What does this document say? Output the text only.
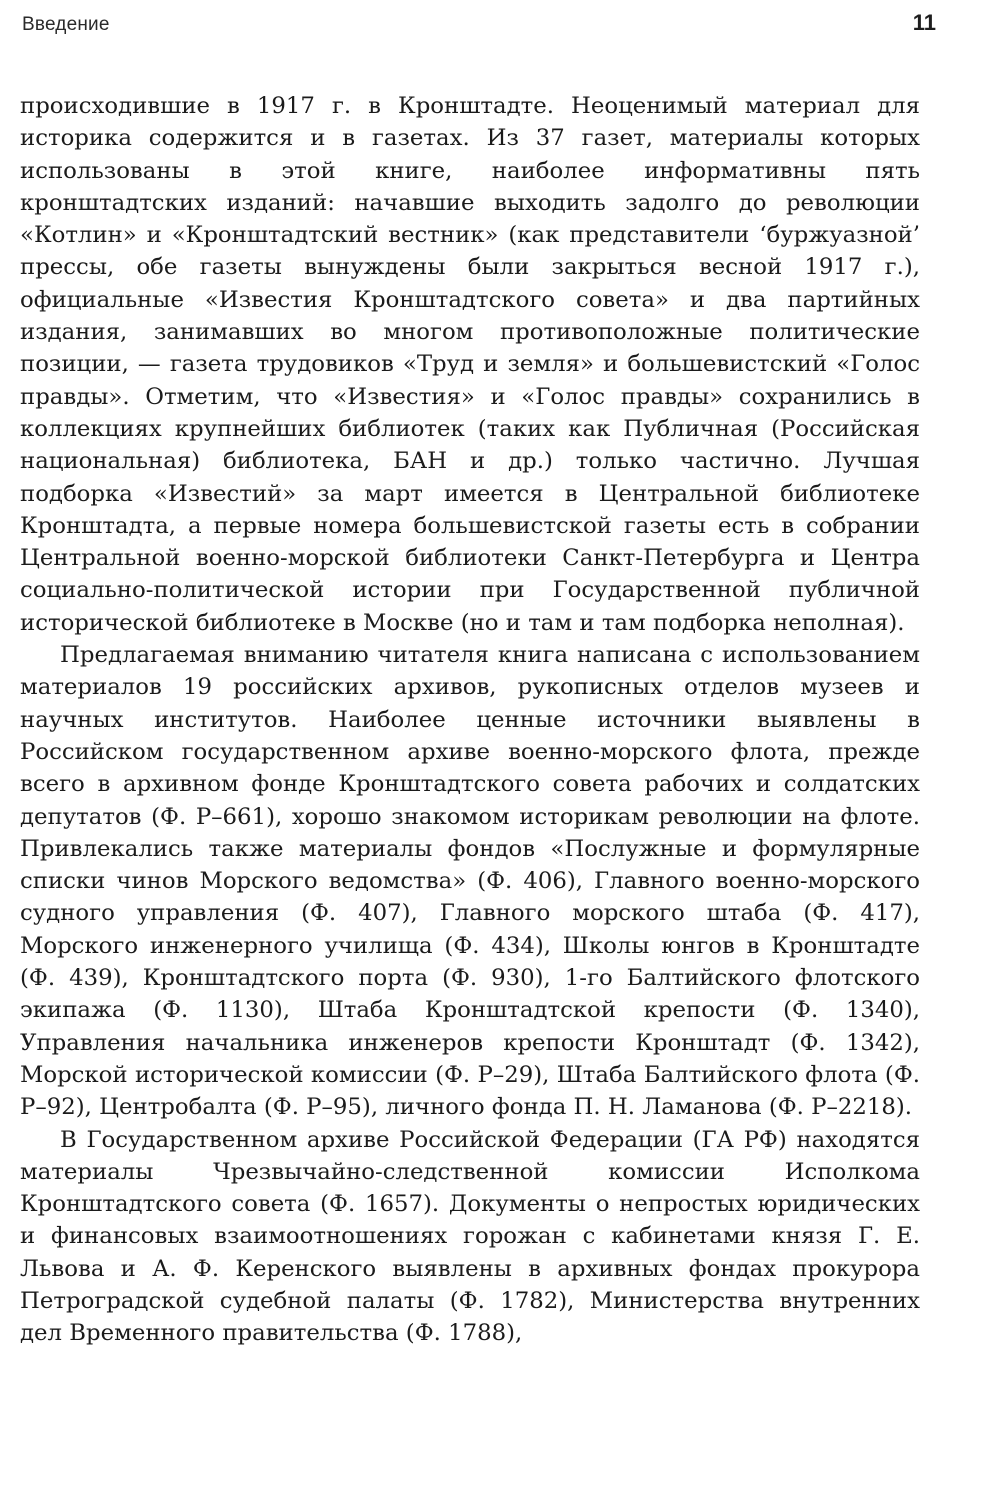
Введение	11

происходившие в 1917 г. в Кронштадте. Неоценимый материал для историка содержится и в газетах. Из 37 газет, материалы которых использованы в этой книге, наиболее информативны пять кронштадтских изданий: начавшие выходить задолго до революции «Котлин» и «Кронштадтский вестник» (как представители ‘буржуазной’ прессы, обе газеты вынуждены были закрыться весной 1917 г.), официальные «Известия Кронштадтского совета» и два партийных издания, занимавших во многом противоположные политические позиции, — газета трудовиков «Труд и земля» и большевистский «Голос правды». Отметим, что «Известия» и «Голос правды» сохранились в коллекциях крупнейших библиотек (таких как Публичная (Российская национальная) библиотека, БАН и др.) только частично. Лучшая подборка «Известий» за март имеется в Центральной библиотеке Кронштадта, а первые номера большевистской газеты есть в собрании Центральной военно-морской библиотеки Санкт-Петербурга и Центра социально-политической истории при Государственной публичной исторической библиотеке в Москве (но и там и там подборка неполная).

Предлагаемая вниманию читателя книга написана с использованием материалов 19 российских архивов, рукописных отделов музеев и научных институтов. Наиболее ценные источники выявлены в Российском государственном архиве военно-морского флота, прежде всего в архивном фонде Кронштадтского совета рабочих и солдатских депутатов (Ф. Р–661), хорошо знакомом историкам революции на флоте. Привлекались также материалы фондов «Послужные и формулярные списки чинов Морского ведомства» (Ф. 406), Главного военно-морского судного управления (Ф. 407), Главного морского штаба (Ф. 417), Морского инженерного училища (Ф. 434), Школы юнгов в Кронштадте (Ф. 439), Кронштадтского порта (Ф. 930), 1-го Балтийского флотского экипажа (Ф. 1130), Штаба Кронштадтской крепости (Ф. 1340), Управления начальника инженеров крепости Кронштадт (Ф. 1342), Морской исторической комиссии (Ф. Р–29), Штаба Балтийского флота (Ф. Р–92), Центробалта (Ф. Р–95), личного фонда П. Н. Ламанова (Ф. Р–2218).

В Государственном архиве Российской Федерации (ГА РФ) находятся материалы Чрезвычайно-следственной комиссии Исполкома Кронштадтского совета (Ф. 1657). Документы о непростых юридических и финансовых взаимоотношениях горожан с кабинетами князя Г. Е. Львова и А. Ф. Керенского выявлены в архивных фондах прокурора Петроградской судебной палаты (Ф. 1782), Министерства внутренних дел Временного правительства (Ф. 1788),
